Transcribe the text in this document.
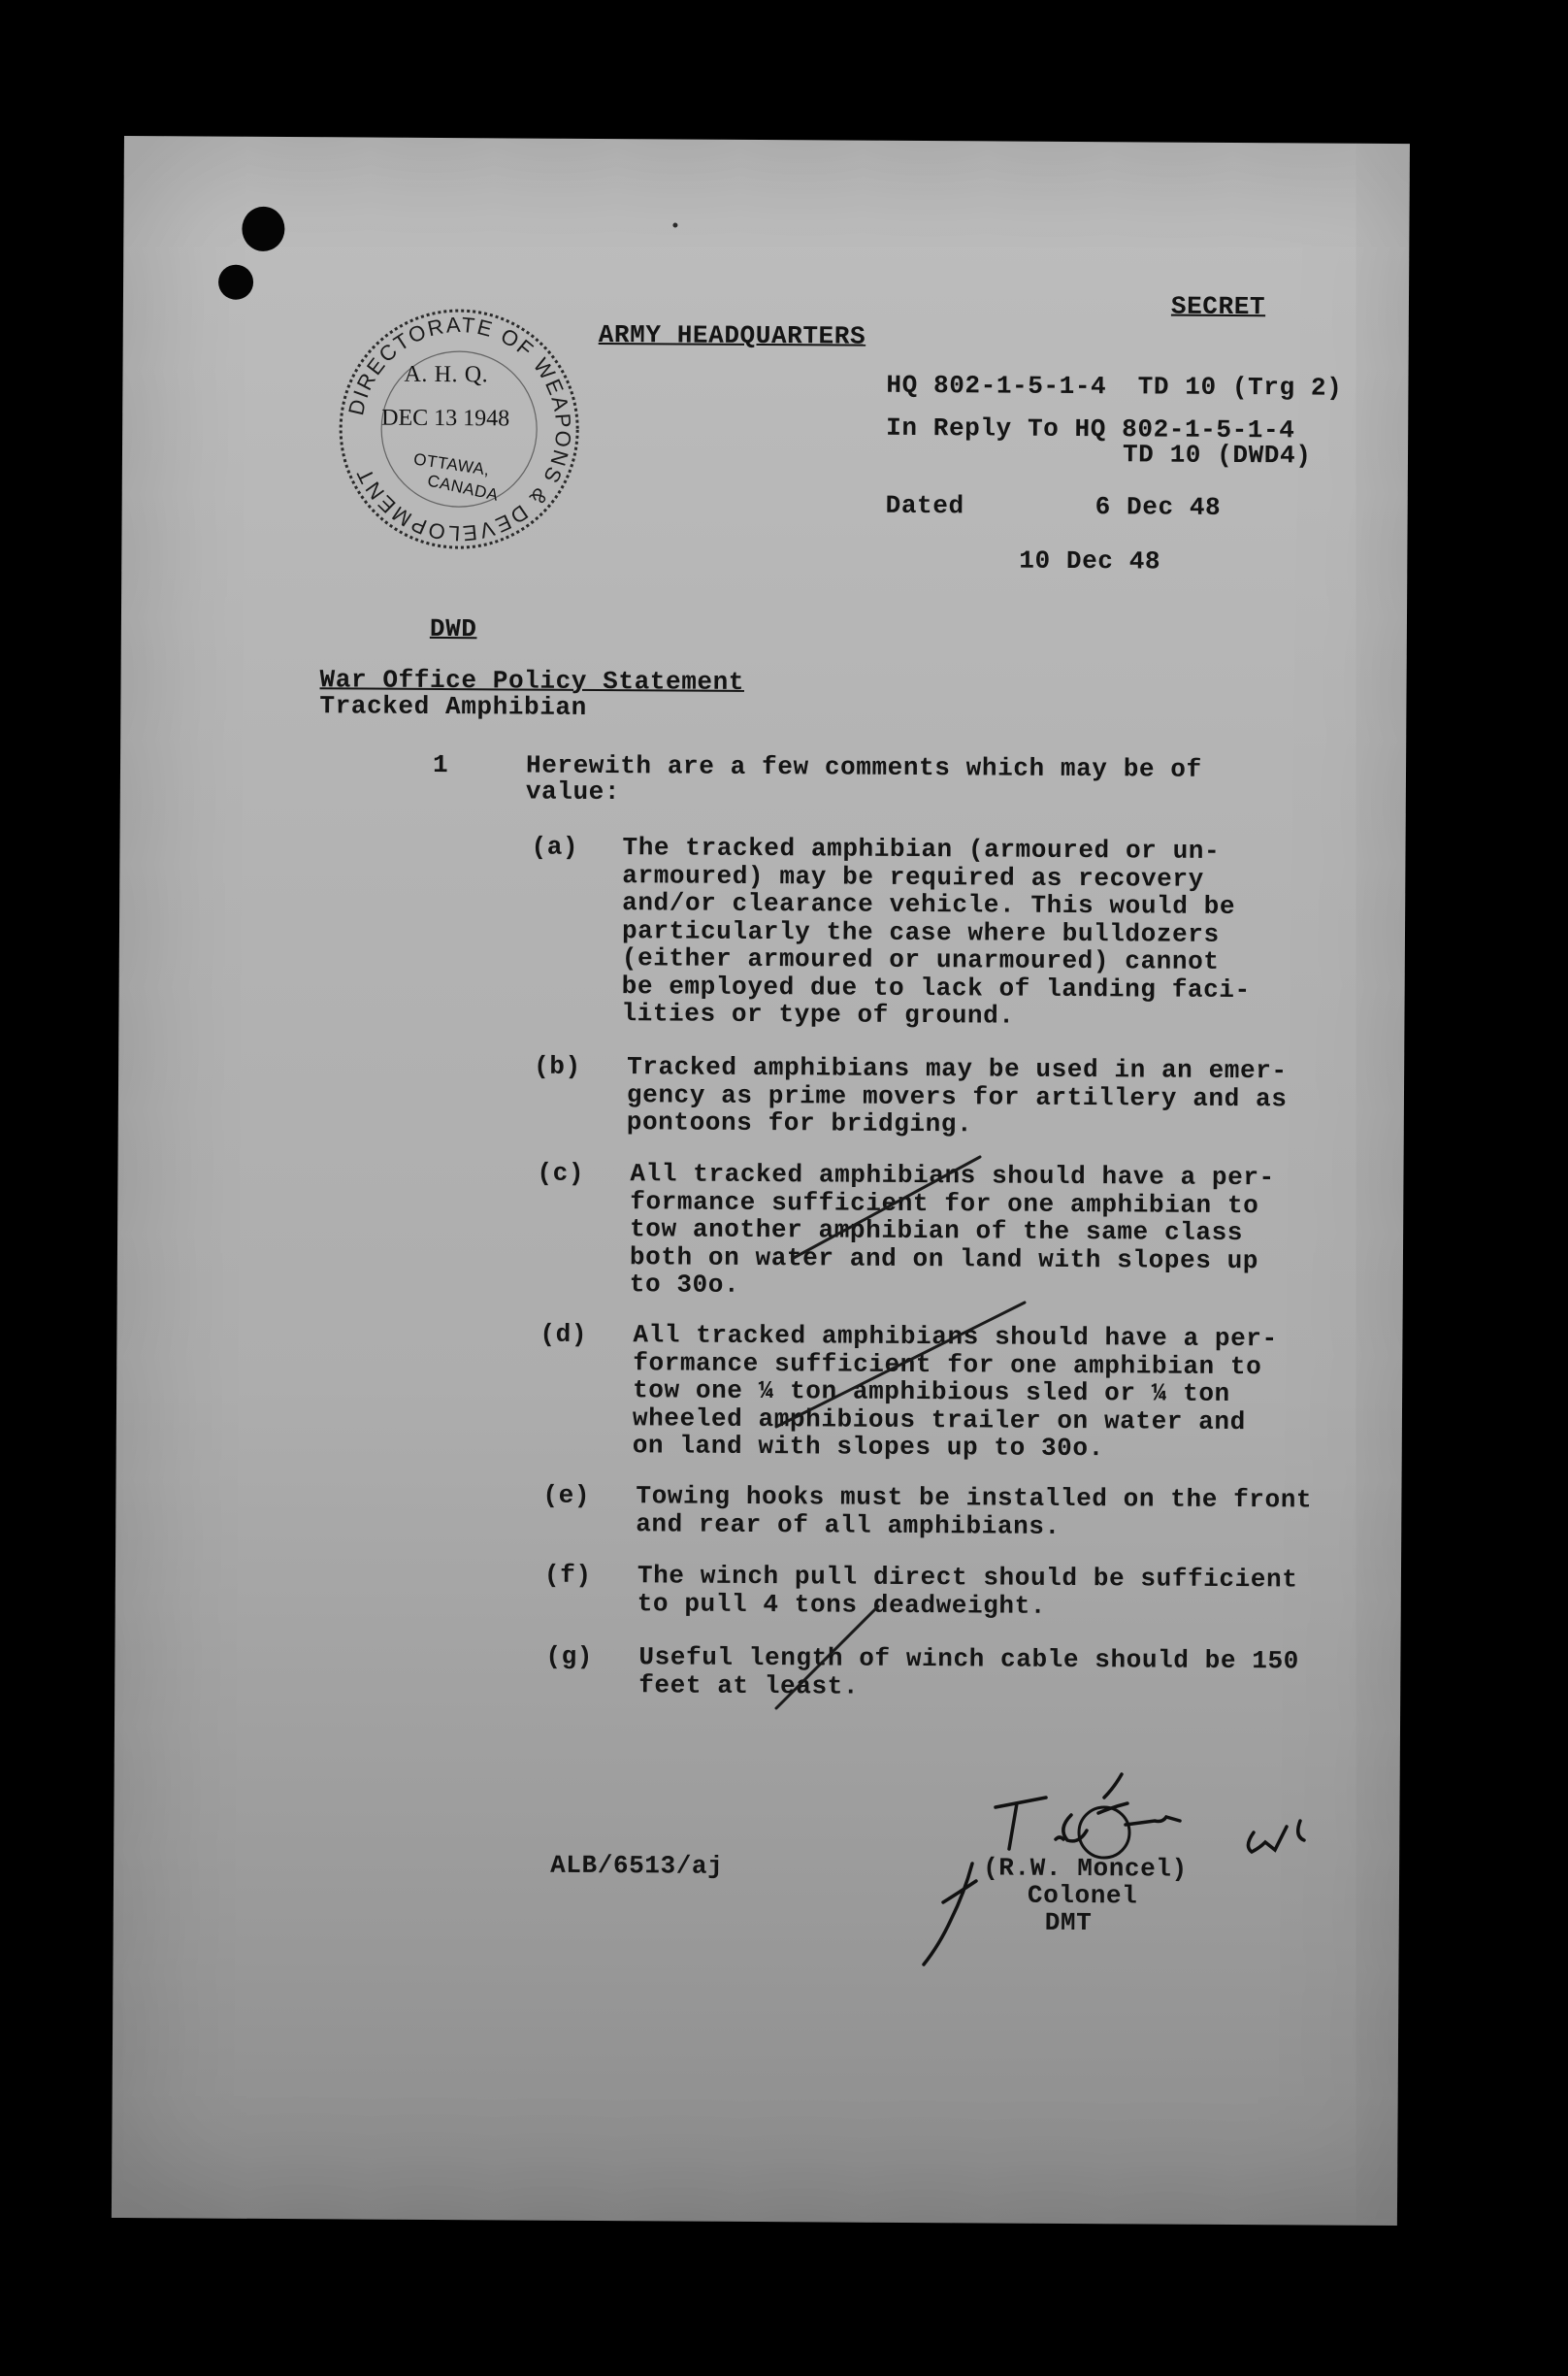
DIRECTORATE OF WEAPONS & DEVELOPMENT
A. H. Q.
DEC 13 1948
OTTAWA,
CANADA
SECRET
ARMY HEADQUARTERS
HQ 802-1-5-1-4  TD 10 (Trg 2)
In Reply To HQ 802-1-5-1-4
TD 10 (DWD4)
Dated	6 Dec 48
10 Dec 48
DWD
War Office Policy Statement
Tracked Amphibian
1	Herewith are a few comments which may be of
value:
(a) The tracked amphibian (armoured or un-
armoured) may be required as recovery
and/or clearance vehicle. This would be
particularly the case where bulldozers
(either armoured or unarmoured) cannot
be employed due to lack of landing faci-
lities or type of ground.
(b) Tracked amphibians may be used in an emer-
gency as prime movers for artillery and as
pontoons for bridging.
(c) All tracked amphibians should have a per-
formance sufficient for one amphibian to
tow another amphibian of the same class
both on water and on land with slopes up
to 30o.
(d) All tracked amphibians should have a per-
formance sufficient for one amphibian to
tow one ¼ ton amphibious sled or ¼ ton
wheeled amphibious trailer on water and
on land with slopes up to 30o.
(e) Towing hooks must be installed on the front
and rear of all amphibians.
(f) The winch pull direct should be sufficient
to pull 4 tons deadweight.
(g) Useful length of winch cable should be 150
feet at least.
ALB/6513/aj	(R.W. Moncel)
Colonel
DMT
